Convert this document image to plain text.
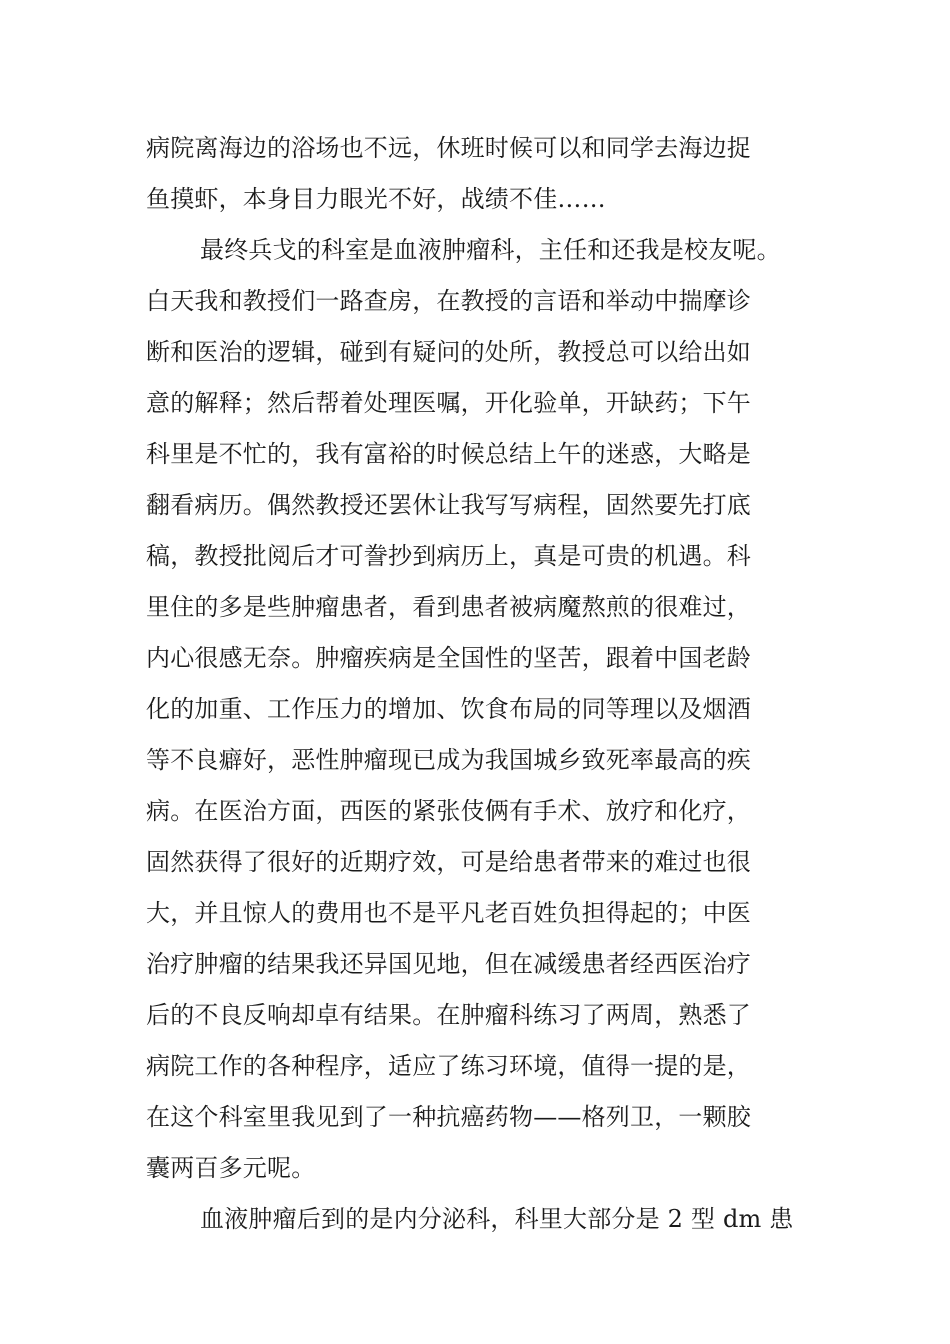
病院离海边的浴场也不远，休班时候可以和同学去海边捉
鱼摸虾，本身目力眼光不好，战绩不佳……
最终兵戈的科室是血液肿瘤科，主任和还我是校友呢。
白天我和教授们一路查房，在教授的言语和举动中揣摩诊
断和医治的逻辑，碰到有疑问的处所，教授总可以给出如
意的解释；然后帮着处理医嘱，开化验单，开缺药；下午
科里是不忙的，我有富裕的时候总结上午的迷惑，大略是
翻看病历。偶然教授还罢休让我写写病程，固然要先打底
稿，教授批阅后才可誊抄到病历上，真是可贵的机遇。科
里住的多是些肿瘤患者，看到患者被病魔熬煎的很难过，
内心很感无奈。肿瘤疾病是全国性的坚苦，跟着中国老龄
化的加重、工作压力的增加、饮食布局的同等理以及烟酒
等不良癖好，恶性肿瘤现已成为我国城乡致死率最高的疾
病。在医治方面，西医的紧张伎俩有手术、放疗和化疗，
固然获得了很好的近期疗效，可是给患者带来的难过也很
大，并且惊人的费用也不是平凡老百姓负担得起的；中医
治疗肿瘤的结果我还异国见地，但在减缓患者经西医治疗
后的不良反响却卓有结果。在肿瘤科练习了两周，熟悉了
病院工作的各种程序，适应了练习环境，值得一提的是，
在这个科室里我见到了一种抗癌药物——格列卫，一颗胶
囊两百多元呢。
血液肿瘤后到的是内分泌科，科里大部分是 2 型 dm 患
